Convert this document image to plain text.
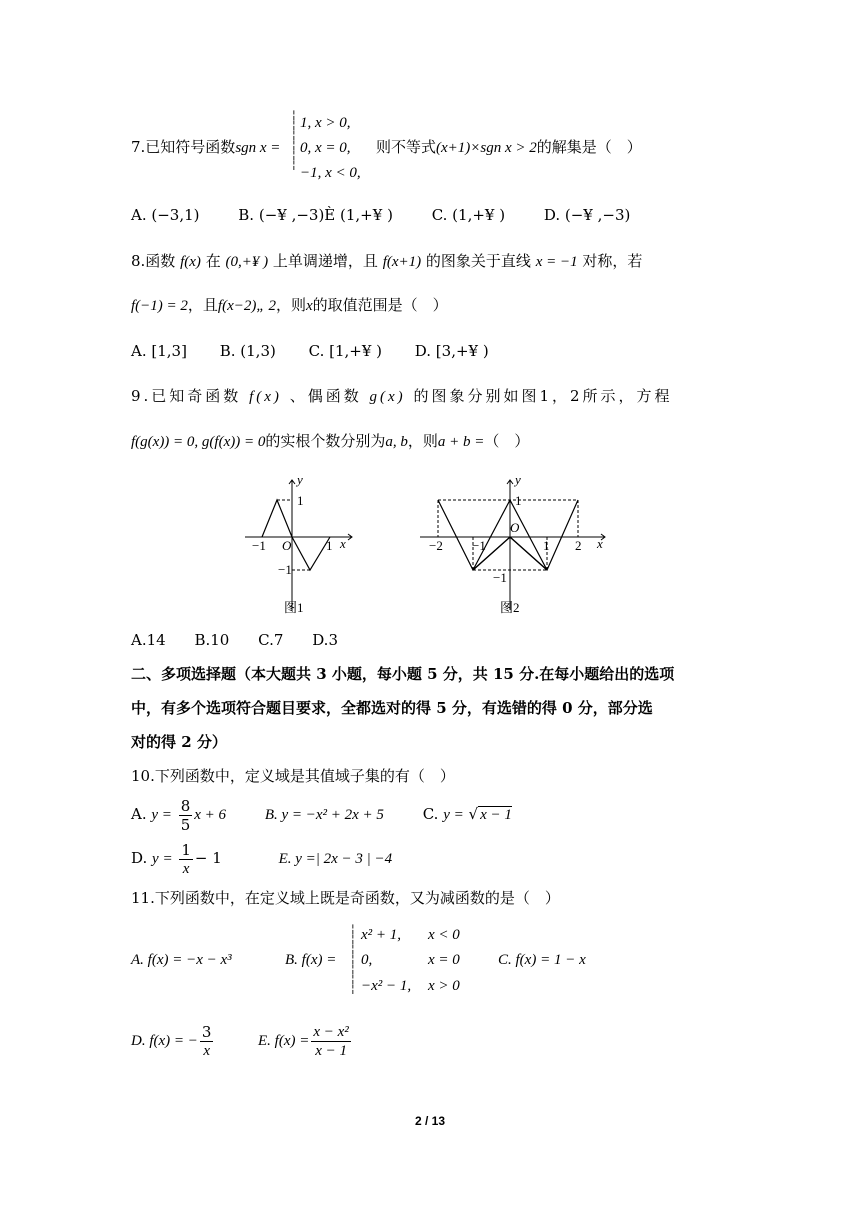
1, x > 0,
0, x = 0,
−1, x < 0,
¦
¦
¦
¦
¦
¦
7.已知符号函数sgn x =	则不等式(x+1)×sgn x > 2的解集是（　）
A. (−3,1)	B. (−¥ ,−3)È (1,+¥ )	C. (1,+¥ )	D. (−¥ ,−3)
8.函数 f(x) 在 (0,+¥ ) 上单调递增，且 f(x+1) 的图象关于直线 x = −1 对称，若
f(−1) = 2，且f(x−2)„ 2，则x的取值范围是（　）
A. [1,3] B. (1,3) C. [1,+¥ ) D. [3,+¥ )
9.已知奇函数 f(x) 、偶函数 g(x) 的图象分别如图1，2所示，方程
f(g(x)) = 0, g(f(x)) = 0的实根个数分别为a, b，则a + b =（　）
y
x
O
1
−1
1
−1
图1
y
x
O
1
−1
1
−1	2
−2
图2
A.14 B.10 C.7 D.3
二、多项选择题（本大题共 3 小题，每小题 5 分，共 15 分.在每小题给出的选项
中，有多个选项符合题目要求，全都选对的得 5 分，有选错的得 0 分，部分选
对的得 2 分）
10.下列函数中，定义域是其值域子集的有（　）
A. $y = \frac{8}{5}$ x + 6	B. y = −x² + 2x + 5	C. y = √ x − 1
D. $y = \frac{1}{x} - 1$	E. y =| 2x − 3 | −4
11.下列函数中，在定义域上既是奇函数，又为减函数的是（　）
A. f(x) = −x − x³	B. f(x) =
¦
¦
¦
¦
¦
¦
¦
x² + 1, x < 0
0,	x = 0
−x² − 1, x > 0
C. f(x) = 1 − x
D. f(x) = − $\frac{3}{x}$	E. $f(x) = \frac{\text{x − x²}}{x - 1}$
2 / 13
